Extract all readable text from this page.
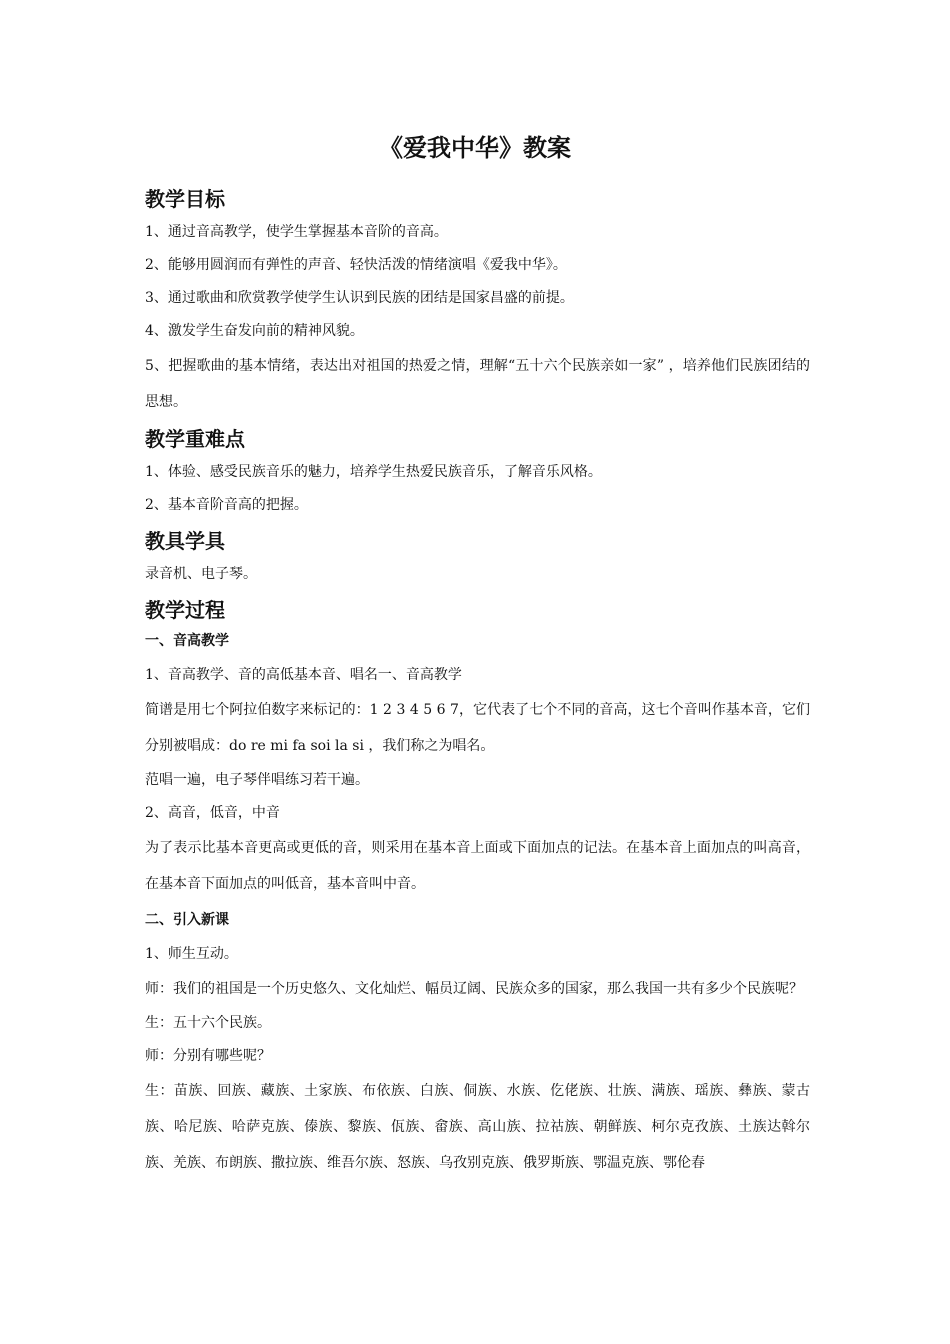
《爱我中华》教案
教学目标

1、通过音高教学，使学生掌握基本音阶的音高。

2、能够用圆润而有弹性的声音、轻快活泼的情绪演唱《爱我中华》。

3、通过歌曲和欣赏教学使学生认识到民族的团结是国家昌盛的前提。

4、激发学生奋发向前的精神风貌。

5、把握歌曲的基本情绪，表达出对祖国的热爱之情，理解“五十六个民族亲如一家” ，培养他们民族团结的思想。

教学重难点

1、体验、感受民族音乐的魅力，培养学生热爱民族音乐，了解音乐风格。

2、基本音阶音高的把握。

教具学具

录音机、电子琴。

教学过程
一、音高教学

1、音高教学、音的高低基本音、唱名一、音高教学

简谱是用七个阿拉伯数字来标记的：1 2 3 4 5 6 7，它代表了七个不同的音高，这七个音叫作基本音，它们分别被唱成：do re mi fa soi la si ，我们称之为唱名。

范唱一遍，电子琴伴唱练习若干遍。

2、高音，低音，中音

为了表示比基本音更高或更低的音，则采用在基本音上面或下面加点的记法。在基本音上面加点的叫高音，在基本音下面加点的叫低音，基本音叫中音。

二、引入新课

1、师生互动。

师：我们的祖国是一个历史悠久、文化灿烂、幅员辽阔、民族众多的国家，那么我国一共有多少个民族呢？

生：五十六个民族。

师：分别有哪些呢？

生：苗族、回族、藏族、土家族、布依族、白族、侗族、水族、仡佬族、壮族、满族、瑶族、彝族、蒙古族、哈尼族、哈萨克族、傣族、黎族、佤族、畲族、高山族、拉祜族、朝鲜族、柯尔克孜族、土族达斡尔族、羌族、布朗族、撒拉族、维吾尔族、怒族、乌孜别克族、俄罗斯族、鄂温克族、鄂伦春
